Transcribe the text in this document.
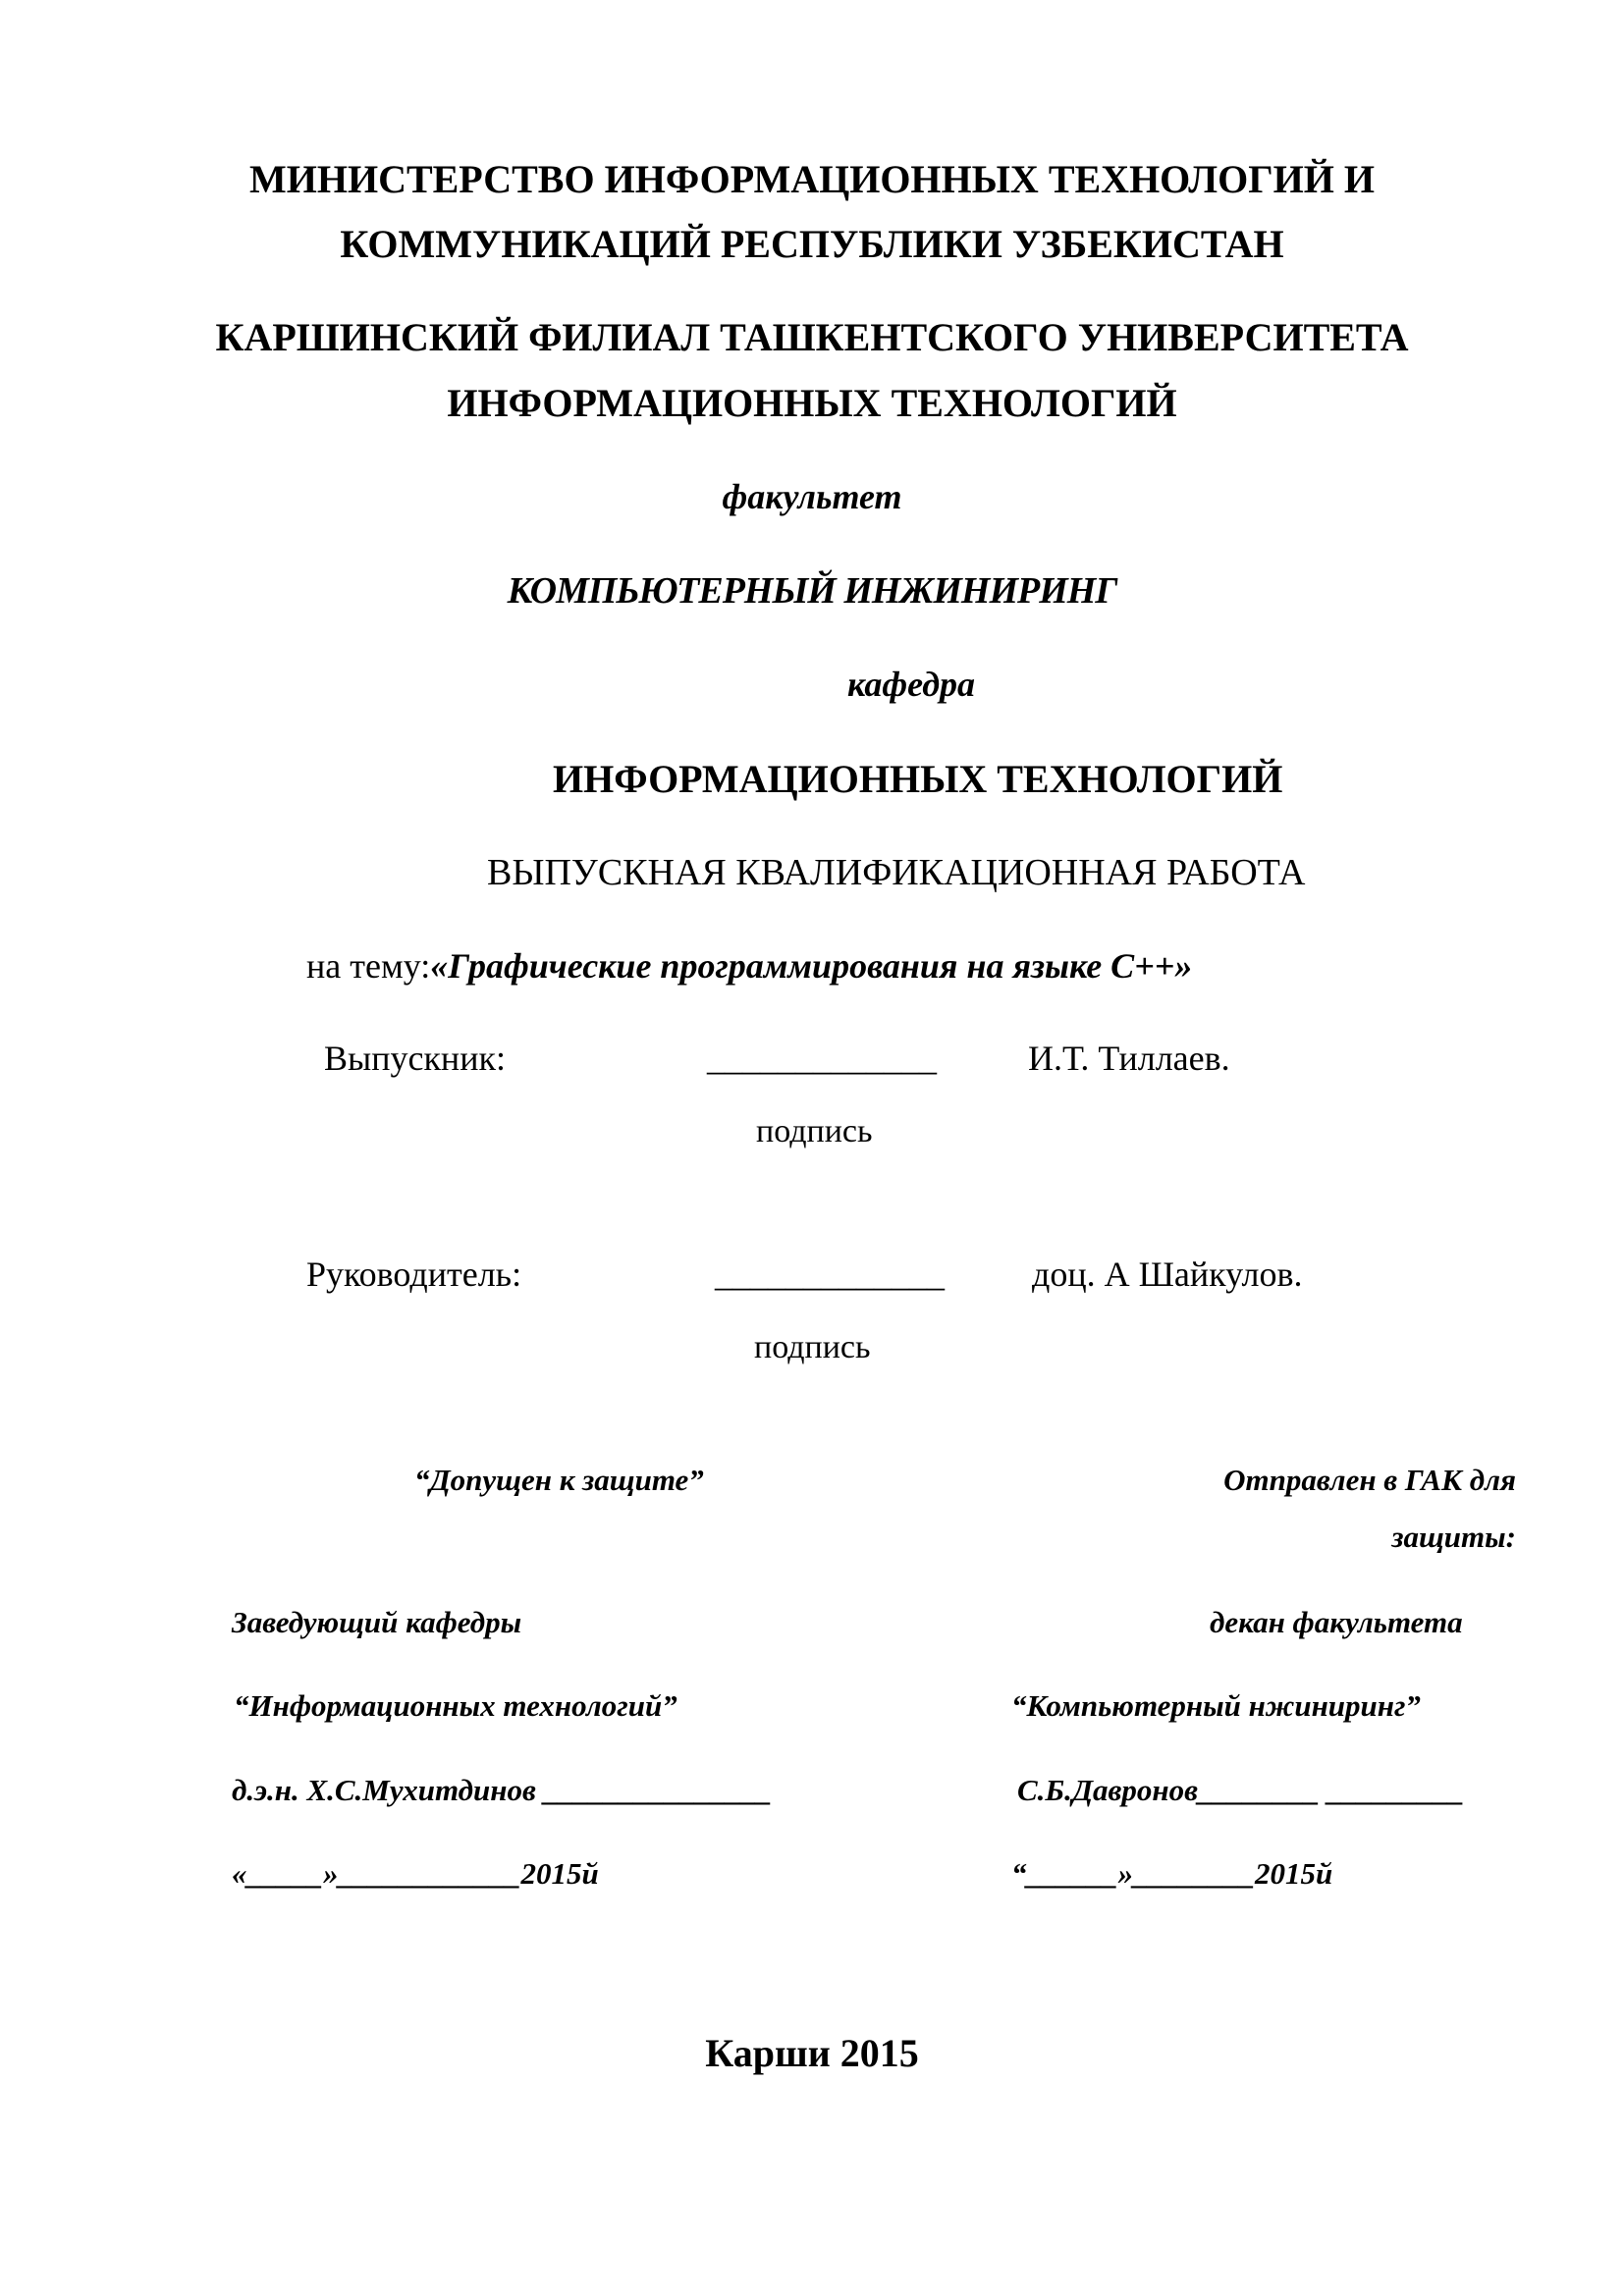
МИНИСТЕРСТВО ИНФОРМАЦИОННЫХ ТЕХНОЛОГИЙ И
КОММУНИКАЦИЙ РЕСПУБЛИКИ УЗБЕКИСТАН
КАРШИНСКИЙ ФИЛИАЛ ТАШКЕНТСКОГО УНИВЕРСИТЕТА
ИНФОРМАЦИОННЫХ ТЕХНОЛОГИЙ
факультет
КОМПЬЮТЕРНЫЙ ИНЖИНИРИНГ
кафедра
ИНФОРМАЦИОННЫХ ТЕХНОЛОГИЙ
ВЫПУСКНАЯ КВАЛИФИКАЦИОННАЯ РАБОТА
на тему:«Графические программирования на языке С++»
Выпускник:	_____________	И.Т. Тиллаев.
подпись
Руководитель:	_____________ доц. А Шайкулов.
подпись
“Допущен к защите”
Заведующий кафедры
“Информационных технологий”
д.э.н. Х.С.Мухитдинов _______________
«_____»____________2015й
Отправлен в ГАК для
защиты:
декан факультета
“Компьютерный нжиниринг”
С.Б.Давронов________ _________
“______»________2015й
Карши 2015
